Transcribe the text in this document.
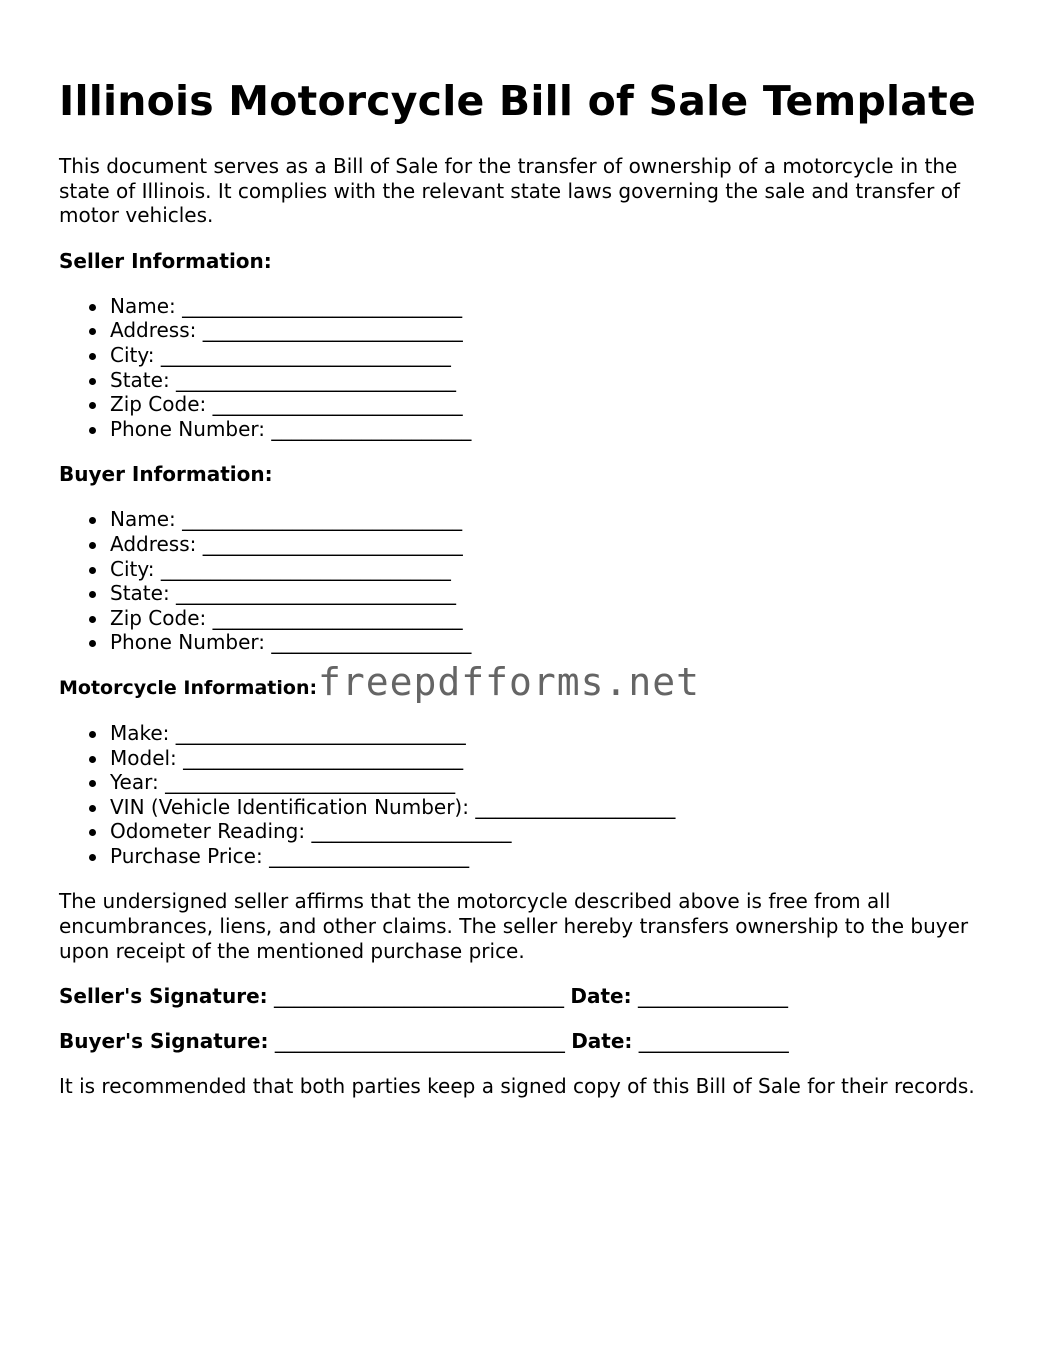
Illinois Motorcycle Bill of Sale Template

This document serves as a Bill of Sale for the transfer of ownership of a motorcycle in the state of Illinois. It complies with the relevant state laws governing the sale and transfer of motor vehicles.

Seller Information:
Name: ____________________________
Address: __________________________
City: _____________________________
State: ____________________________
Zip Code: _________________________
Phone Number: ____________________
Buyer Information:
Name: ____________________________
Address: __________________________
City: _____________________________
State: ____________________________
Zip Code: _________________________
Phone Number: ____________________
Motorcycle Information:
Make: _____________________________
Model: ____________________________
Year: _____________________________
VIN (Vehicle Identification Number): ____________________
Odometer Reading: ____________________
Purchase Price: ____________________

The undersigned seller affirms that the motorcycle described above is free from all encumbrances, liens, and other claims. The seller hereby transfers ownership to the buyer upon receipt of the mentioned purchase price.

Seller's Signature: _____________________________ Date: _______________
Buyer's Signature: _____________________________ Date: _______________

It is recommended that both parties keep a signed copy of this Bill of Sale for their records.

freepdfforms.net
